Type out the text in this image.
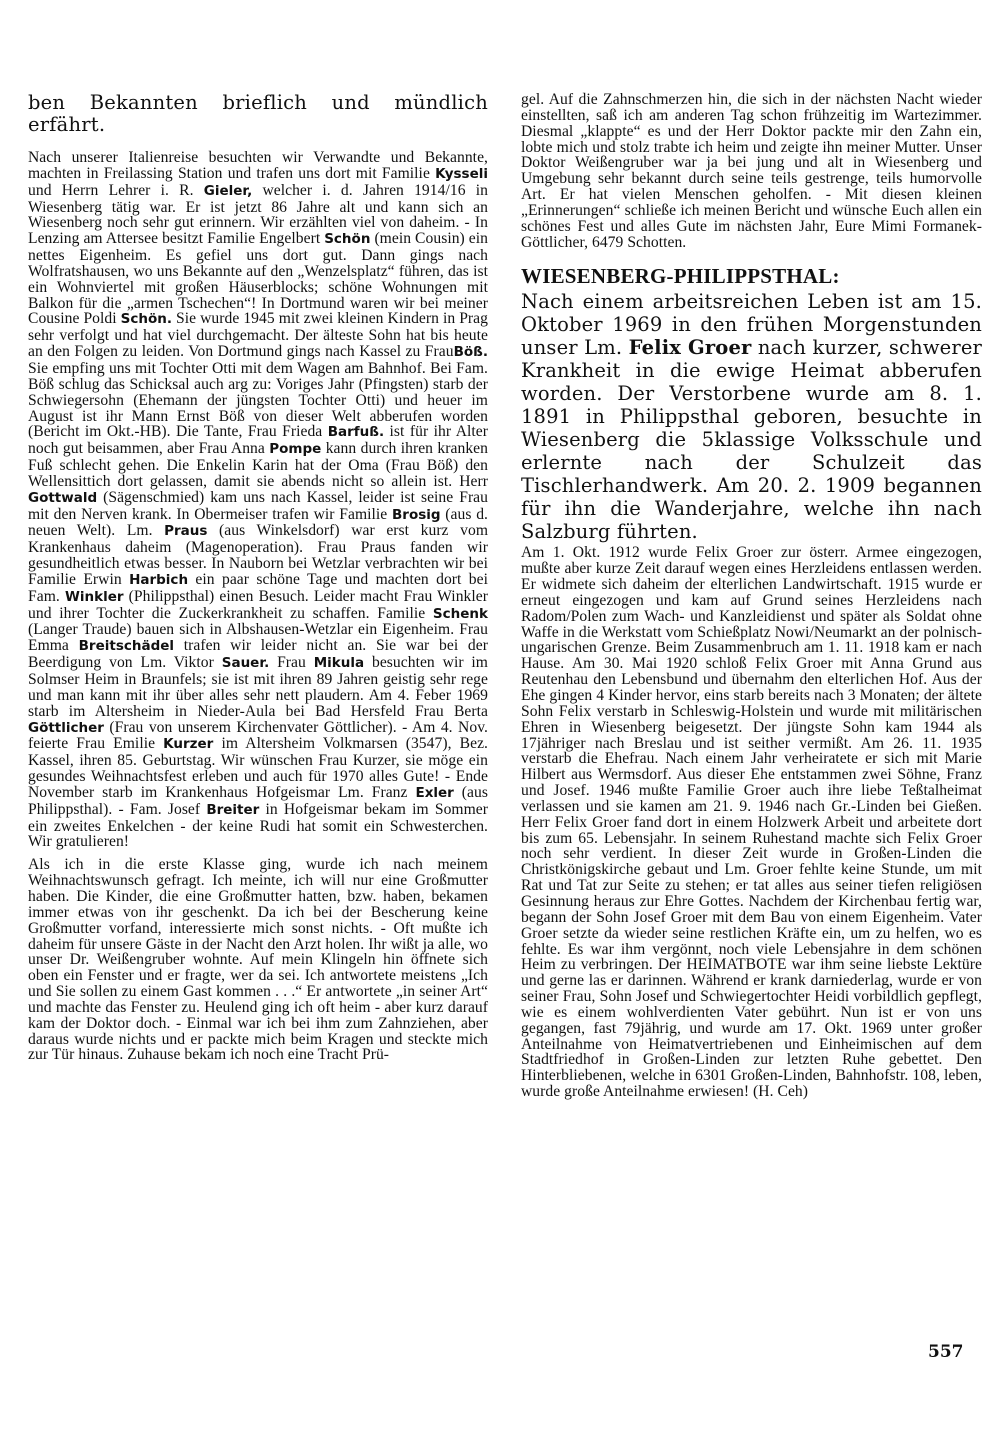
ben Bekannten brieflich und mündlich erfährt.

Nach unserer Italienreise besuchten wir Verwandte und Bekannte, machten in Freilassing Station und trafen uns dort mit Familie Kysseli und Herrn Lehrer i. R. Gieler, welcher i. d. Jahren 1914/16 in Wiesenberg tätig war. Er ist jetzt 86 Jahre alt und kann sich an Wiesenberg noch sehr gut erinnern. Wir erzählten viel von daheim. - In Lenzing am Attersee besitzt Familie Engelbert Schön (mein Cousin) ein nettes Eigenheim. Es gefiel uns dort gut. Dann gings nach Wolfratshausen, wo uns Bekannte auf den „Wenzelsplatz“ führen, das ist ein Wohnviertel mit großen Häuserblocks; schöne Wohnungen mit Balkon für die „armen Tschechen“! In Dortmund waren wir bei meiner Cousine Poldi Schön. Sie wurde 1945 mit zwei kleinen Kindern in Prag sehr verfolgt und hat viel durchgemacht. Der älteste Sohn hat bis heute an den Folgen zu leiden. Von Dortmund gings nach Kassel zu FrauBöß. Sie empfing uns mit Tochter Otti mit dem Wagen am Bahnhof. Bei Fam. Böß schlug das Schicksal auch arg zu: Voriges Jahr (Pfingsten) starb der Schwiegersohn (Ehemann der jüngsten Tochter Otti) und heuer im August ist ihr Mann Ernst Böß von dieser Welt abberufen worden (Bericht im Okt.-HB). Die Tante, Frau Frieda Barfuß. ist für ihr Alter noch gut beisammen, aber Frau Anna Pompe kann durch ihren kranken Fuß schlecht gehen. Die Enkelin Karin hat der Oma (Frau Böß) den Wellensittich dort gelassen, damit sie abends nicht so allein ist. Herr Gottwald (Sägenschmied) kam uns nach Kassel, leider ist seine Frau mit den Nerven krank. In Obermeiser trafen wir Familie Brosig (aus d. neuen Welt). Lm. Praus (aus Winkelsdorf) war erst kurz vom Krankenhaus daheim (Magenoperation). Frau Praus fanden wir gesundheitlich etwas besser. In Nauborn bei Wetzlar verbrachten wir bei Familie Erwin Harbich ein paar schöne Tage und machten dort bei Fam. Winkler (Philippsthal) einen Besuch. Leider macht Frau Winkler und ihrer Tochter die Zuckerkrankheit zu schaffen. Familie Schenk (Langer Traude) bauen sich in Albshausen-Wetzlar ein Eigenheim. Frau Emma Breitschädel trafen wir leider nicht an. Sie war bei der Beerdigung von Lm. Viktor Sauer. Frau Mikula besuchten wir im Solmser Heim in Braunfels; sie ist mit ihren 89 Jahren geistig sehr rege und man kann mit ihr über alles sehr nett plaudern. Am 4. Feber 1969 starb im Altersheim in Nieder-Aula bei Bad Hersfeld Frau Berta Göttlicher (Frau von unserem Kirchenvater Göttlicher). - Am 4. Nov. feierte Frau Emilie Kurzer im Altersheim Volkmarsen (3547), Bez. Kassel, ihren 85. Geburtstag. Wir wünschen Frau Kurzer, sie möge ein gesundes Weihnachtsfest erleben und auch für 1970 alles Gute! - Ende November starb im Krankenhaus Hofgeismar Lm. Franz Exler (aus Philippsthal). - Fam. Josef Breiter in Hofgeismar bekam im Sommer ein zweites Enkelchen - der keine Rudi hat somit ein Schwesterchen. Wir gratulieren!

Als ich in die erste Klasse ging, wurde ich nach meinem Weihnachtswunsch gefragt. Ich meinte, ich will nur eine Großmutter haben. Die Kinder, die eine Großmutter hatten, bzw. haben, bekamen immer etwas von ihr geschenkt. Da ich bei der Bescherung keine Großmutter vorfand, interessierte mich sonst nichts. - Oft mußte ich daheim für unsere Gäste in der Nacht den Arzt holen. Ihr wißt ja alle, wo unser Dr. Weißengruber wohnte. Auf mein Klingeln hin öffnete sich oben ein Fenster und er fragte, wer da sei. Ich antwortete meistens „Ich und Sie sollen zu einem Gast kommen . . .“ Er antwortete „in seiner Art“ und machte das Fenster zu. Heulend ging ich oft heim - aber kurz darauf kam der Doktor doch. - Einmal war ich bei ihm zum Zahnziehen, aber daraus wurde nichts und er packte mich beim Kragen und steckte mich zur Tür hinaus. Zuhause bekam ich noch eine Tracht Prü-

gel. Auf die Zahnschmerzen hin, die sich in der nächsten Nacht wieder einstellten, saß ich am anderen Tag schon frühzeitig im Wartezimmer. Diesmal „klappte“ es und der Herr Doktor packte mir den Zahn ein, lobte mich und stolz trabte ich heim und zeigte ihn meiner Mutter. Unser Doktor Weißengruber war ja bei jung und alt in Wiesenberg und Umgebung sehr bekannt durch seine teils gestrenge, teils humorvolle Art. Er hat vielen Menschen geholfen. - Mit diesen kleinen „Erinnerungen“ schließe ich meinen Bericht und wünsche Euch allen ein schönes Fest und alles Gute im nächsten Jahr, Eure Mimi Formanek-Göttlicher, 6479 Schotten.

WIESENBERG-PHILIPPSTHAL:

Nach einem arbeitsreichen Leben ist am 15. Oktober 1969 in den frühen Morgenstunden unser Lm. Felix Groer nach kurzer, schwerer Krankheit in die ewige Heimat abberufen worden. Der Verstorbene wurde am 8. 1. 1891 in Philippsthal geboren, besuchte in Wiesenberg die 5klassige Volksschule und erlernte nach der Schulzeit das Tischlerhandwerk. Am 20. 2. 1909 begannen für ihn die Wanderjahre, welche ihn nach Salzburg führten.

Am 1. Okt. 1912 wurde Felix Groer zur österr. Armee eingezogen, mußte aber kurze Zeit darauf wegen eines Herzleidens entlassen werden. Er widmete sich daheim der elterlichen Landwirtschaft. 1915 wurde er erneut eingezogen und kam auf Grund seines Herzleidens nach Radom/Polen zum Wach- und Kanzleidienst und später als Soldat ohne Waffe in die Werkstatt vom Schießplatz Nowi/Neumarkt an der polnisch-ungarischen Grenze. Beim Zusammenbruch am 1. 11. 1918 kam er nach Hause. Am 30. Mai 1920 schloß Felix Groer mit Anna Grund aus Reutenhau den Lebensbund und übernahm den elterlichen Hof. Aus der Ehe gingen 4 Kinder hervor, eins starb bereits nach 3 Monaten; der ältete Sohn Felix verstarb in Schleswig-Holstein und wurde mit militärischen Ehren in Wiesenberg beigesetzt. Der jüngste Sohn kam 1944 als 17jähriger nach Breslau und ist seither vermißt. Am 26. 11. 1935 verstarb die Ehefrau. Nach einem Jahr verheiratete er sich mit Marie Hilbert aus Wermsdorf. Aus dieser Ehe entstammen zwei Söhne, Franz und Josef. 1946 mußte Familie Groer auch ihre liebe Teßtalheimat verlassen und sie kamen am 21. 9. 1946 nach Gr.-Linden bei Gießen. Herr Felix Groer fand dort in einem Holzwerk Arbeit und arbeitete dort bis zum 65. Lebensjahr. In seinem Ruhestand machte sich Felix Groer noch sehr verdient. In dieser Zeit wurde in Großen-Linden die Christkönigskirche gebaut und Lm. Groer fehlte keine Stunde, um mit Rat und Tat zur Seite zu stehen; er tat alles aus seiner tiefen religiösen Gesinnung heraus zur Ehre Gottes. Nachdem der Kirchenbau fertig war, begann der Sohn Josef Groer mit dem Bau von einem Eigenheim. Vater Groer setzte da wieder seine restlichen Kräfte ein, um zu helfen, wo es fehlte. Es war ihm vergönnt, noch viele Lebensjahre in dem schönen Heim zu verbringen. Der HEIMATBOTE war ihm seine liebste Lektüre und gerne las er darinnen. Während er krank darniederlag, wurde er von seiner Frau, Sohn Josef und Schwiegertochter Heidi vorbildlich gepflegt, wie es einem wohlverdienten Vater gebührt. Nun ist er von uns gegangen, fast 79jährig, und wurde am 17. Okt. 1969 unter großer Anteilnahme von Heimatvertriebenen und Einheimischen auf dem Stadtfriedhof in Großen-Linden zur letzten Ruhe gebettet. Den Hinterbliebenen, welche in 6301 Großen-Linden, Bahnhofstr. 108, leben, wurde große Anteilnahme erwiesen! (H. Ceh)

557
